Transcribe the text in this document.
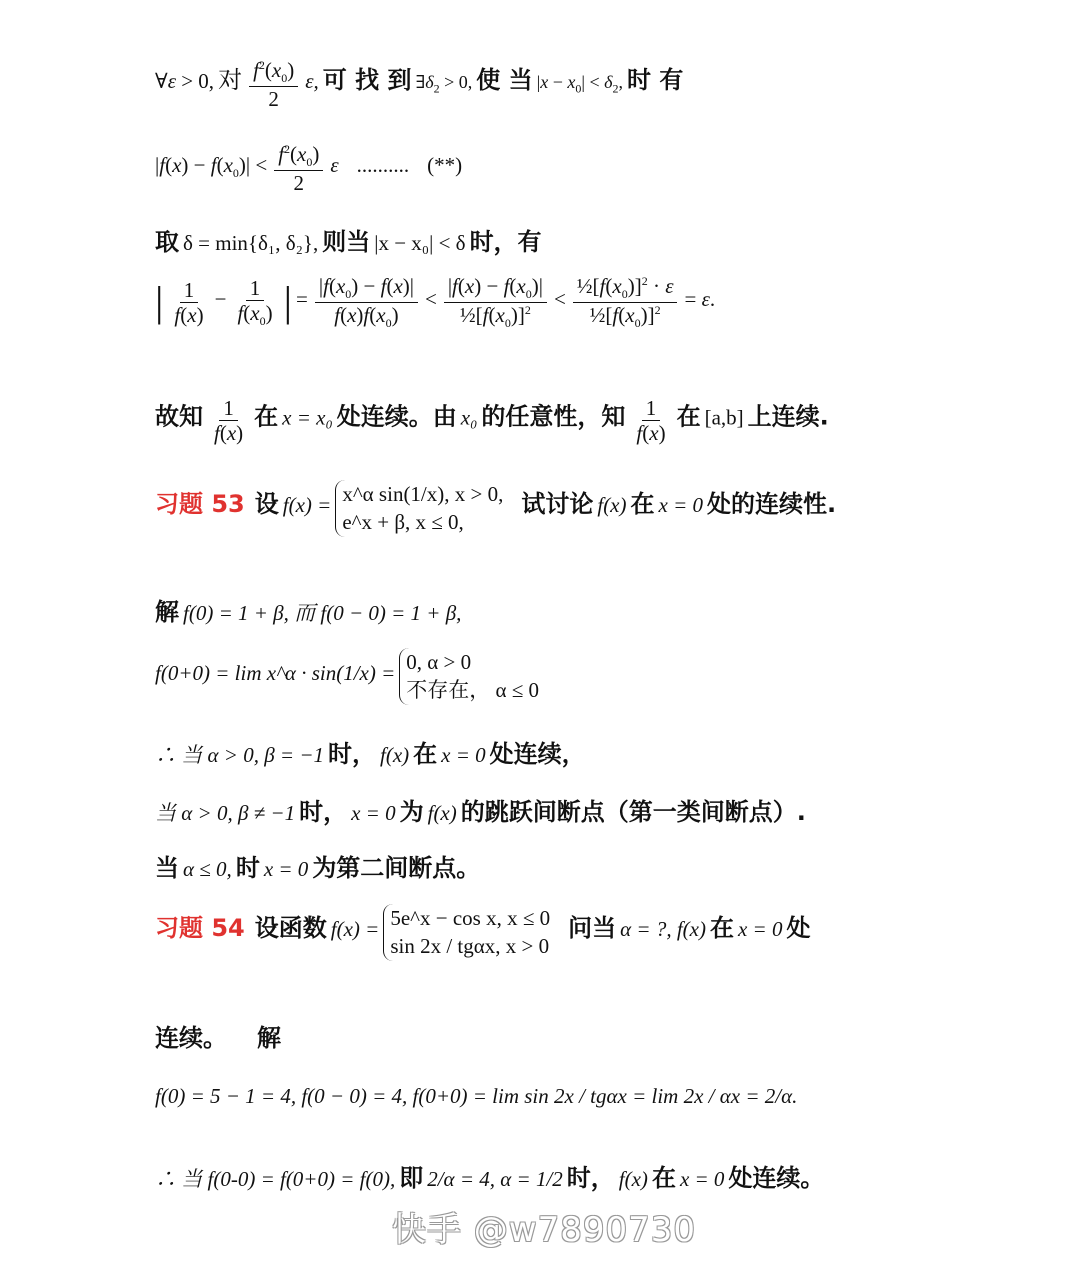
∀ε > 0, 对 $\frac{f^2(x_0)}{2} \varepsilon$, 可 找 到 $\exists\delta_2 > 0$, 使 当 $|x - x_0| < \delta_2$, 时 有
$|f(x) - f(x_0)| < \frac{f^2(x_0)}{2}$ ε .......... (**)
取 δ = min{δ₁, δ₂}, 则当 |x − x₀| < δ 时，有
| $\frac{1}{f(x)} - \frac{1}{f(x_0)}$ | = $\frac{|f(x_0) - f(x)|}{f(x)f(x_0)} < \frac{|f(x) - f(x_0)|}{\frac{1}{2}[f(x_0)]^2} < \frac{\frac{1}{2}[f(x_0)]^2 \cdot \varepsilon}{\frac{1}{2}[f(x_0)]^2} = \varepsilon$.
故知 $\frac{1}{f(x)}$ 在 x = x₀ 处连续。由 x₀ 的任意性，知 $\frac{1}{f(x)}$ 在 [a,b] 上连续.
习题 53 设 f(x) = x^α sin(1/x), x > 0,
e^x + β, x ≤ 0,
试讨论 f(x) 在 x = 0 处的连续性.
解 f(0) = 1 + β, 而 f(0 − 0) = 1 + β,
f(0+0) = lim x^α · sin(1/x) = 0, α > 0
不存在， α ≤ 0
∴ 当 α > 0, β = −1 时， f(x) 在 x = 0 处连续，
当 α > 0, β ≠ −1 时， x = 0 为 f(x) 的跳跃间断点（第一类间断点）.
当 α ≤ 0, 时 x = 0 为第二间断点。
习题 54 设函数 f(x) = 5e^x − cos x, x ≤ 0
sin 2x / tgαx, x > 0
问当 α = ?, f(x) 在 x = 0 处
连续。 解
f(0) = 5 − 1 = 4, f(0 − 0) = 4, f(0+0) = lim sin 2x / tgαx = lim 2x / αx = 2/α.
∴ 当 f(0-0) = f(0+0) = f(0), 即 2/α = 4, α = 1/2 时， f(x) 在 x = 0 处连续。
快手 @w7890730
